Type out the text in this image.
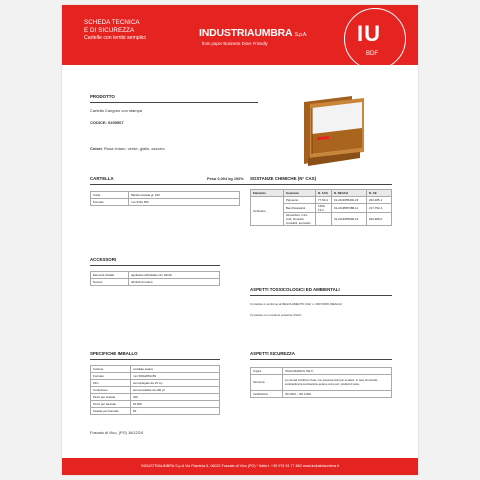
SCHEDA TECNICA
E DI SICUREZZA
Cartelle con lembi semplici	INDUSTRIAUMBRA S.p.A.
from paper Business Done Friendly	IU
BDF
PRODOTTO
Cartella Canguro con stampa
CODICE: 0205507
Colori: Rosa chiaro, verde, giallo, azzurro
CARTELLA	Peso 0,004 kg 100%
Carta	Manila riciclata gr. 190
Formato	mm 510x 350
SOSTANZE CHIMICHE (N° CAS)
Elemento	Sostanza	N. CAS	N. REACH	N. CE
Inchiostro	Pigmento	77-53-4	01-2119455402-23	202-185-1
	Benzilceloalcol	1566-13-2	01-2119587488-11	217-752-2
	Idrocarburi, C14-C22, idrotratti, insolubili, aromatici		01-2119455996-19	920-908-0
ACCESSORI
Elementi imballo	applicata sull'imballo mm 46x40
Numeri	40x120 al rettore
ASPETTI TOSSICOLOGICI ED AMBIENTALI
Il prodotto è conforme al REGOLAMENTO (CE) n. 1907/2006 (REACH)
Il prodotto non contiene sostanze SVHC
SPECIFICHE IMBALLO
Cartone	ondulato avana
Formato	mm 560x265x159
Film	termoplegato da 15 my
Confezione	termoretraibile da 100 pz
Pezzi per scatola	400
Pezzi per bancale	20.000
Scatole per bancale	50
ASPETTI SICUREZZA
Origine	ITALIA (MADE IN ITALY)
Sicurezza	Le normali condizioni d'uso, non presenta rischi per la salute. In caso di incendio scolorandosi la combustione avviene come per i prodotti di carta.
Certificazioni	ISO 9001 – ISO 14001
Foscato di Vico, (PG) 16/12/24
INDUSTRIAUMBRA S.p.A Via Flaminia 6, 06022 Fossato di Vico (PG) * Italia t. +39 075 91 77 882 www.industriaumbra.it
